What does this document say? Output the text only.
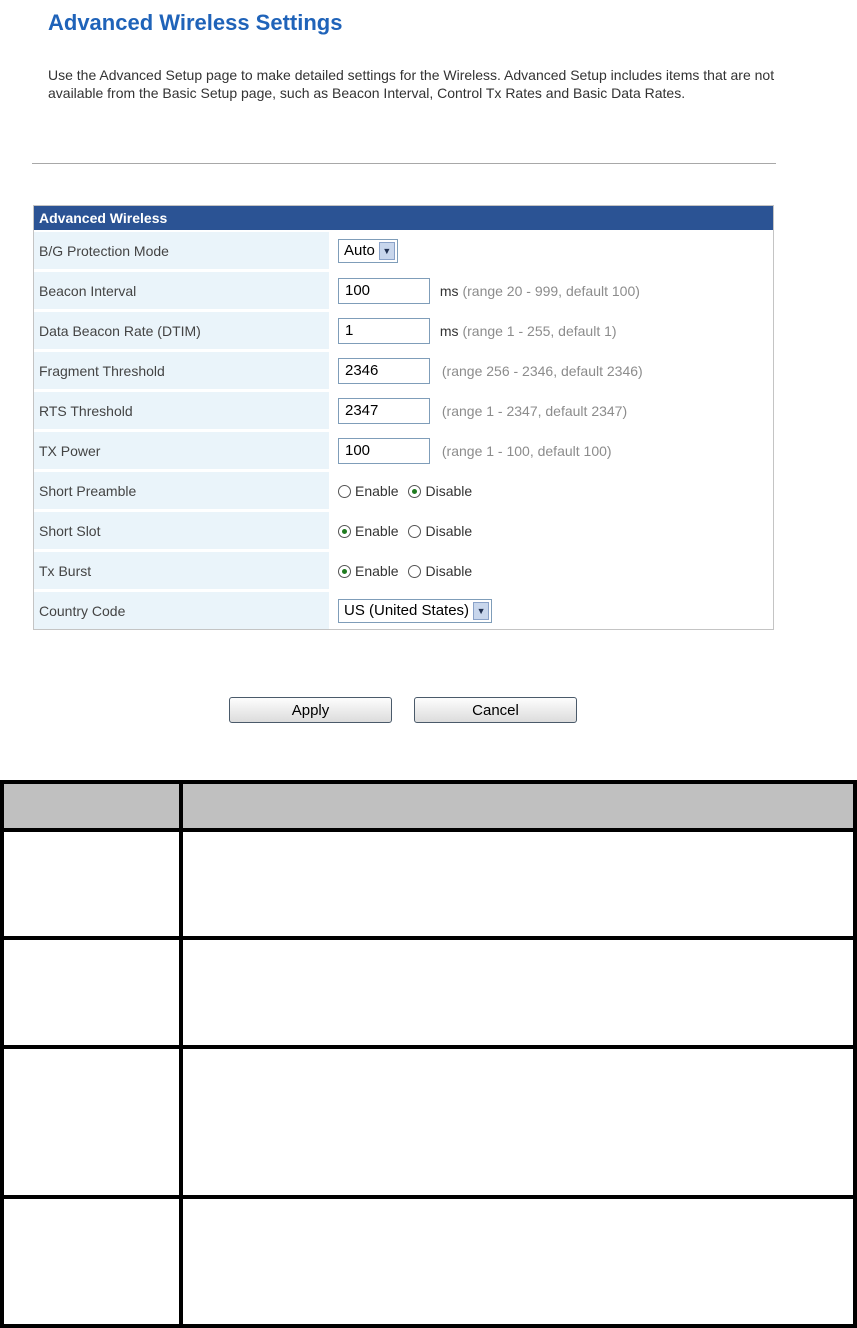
Advanced Wireless Settings

Use the Advanced Setup page to make detailed settings for the Wireless. Advanced Setup includes items that are not available from the Basic Setup page, such as Beacon Interval, Control Tx Rates and Basic Data Rates.

Advanced Wireless	
B/G Protection Mode	Auto ▼

Beacon Interval	100 ms (range 20 - 999, default 100)
Data Beacon Rate (DTIM)	1 ms (range 1 - 255, default 1)
Fragment Threshold	2346 (range 256 - 2346, default 2346)
RTS Threshold	2347 (range 1 - 2347, default 2347)
TX Power	100 (range 1 - 100, default 100)
Short Preamble	Enable Disable
Short Slot	Enable Disable
Tx Burst	Enable Disable
Country Code	US (United States) ▼
Apply	Cancel
